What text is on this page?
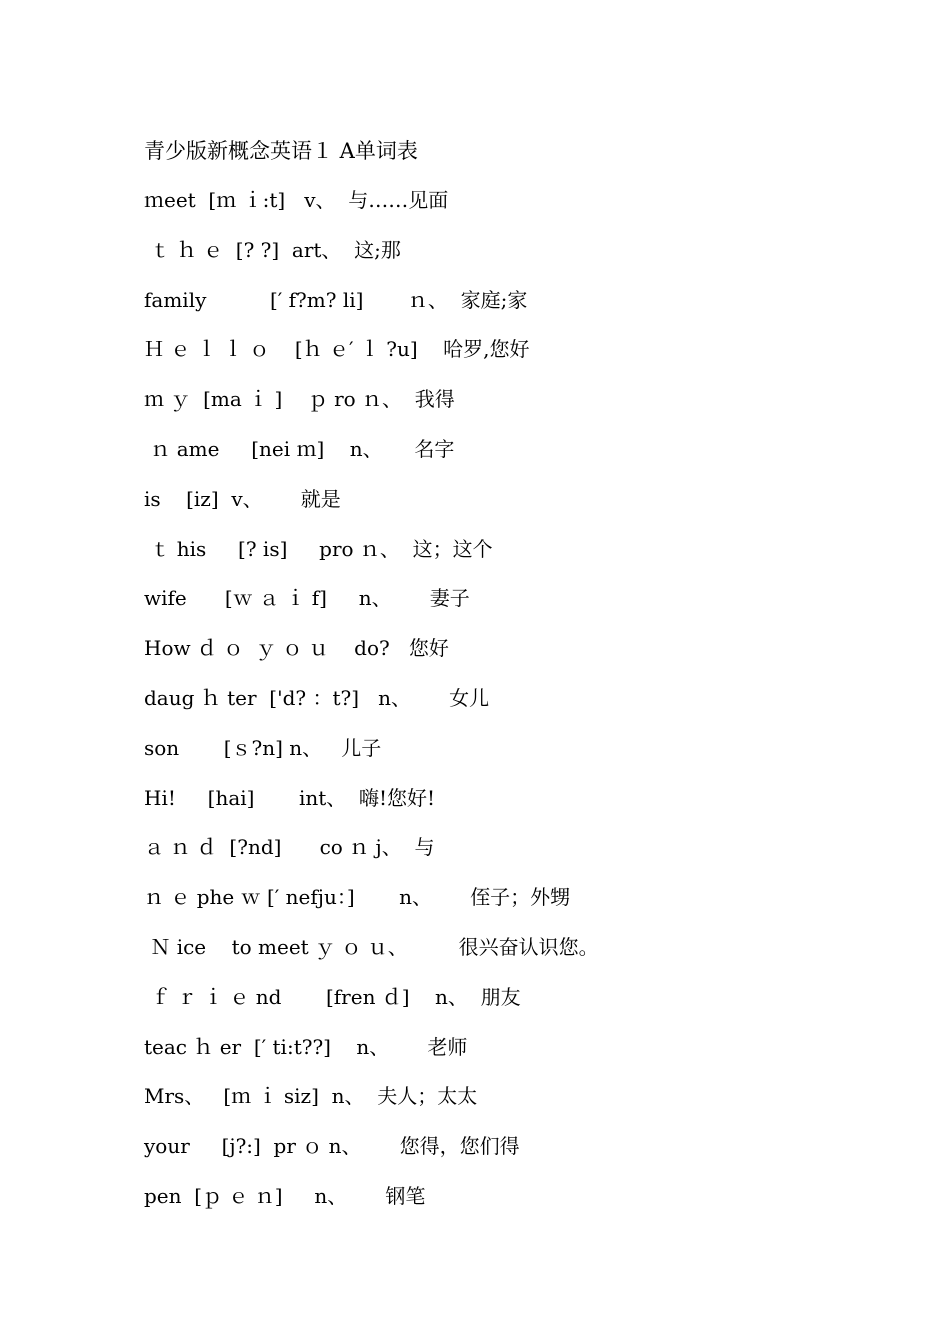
青少版新概念英语１ A单词表
ｍeet  [ｍ ｉ:t]   v、  与……见面
ｔ ｈ ｅ  [? ?]  art、  这;那
family          [′ f?m? li]       ｎ、  家庭;家
Ｈ ｅ ｌ ｌ ｏ    [ｈ ｅ′ ｌ ?u]    哈罗,您好
ｍ ｙ  [ma ｉ ]    ｐ ro ｎ、  我得
ｎ ame     [nei ｍ]    n、     名字
is    [iz]  v、      就是
ｔ his     [? is]     pro ｎ、  这；这个
wife      [ｗ ａ ｉ f]     n、      妻子
How ｄ ｏ  ｙ ｏ ｕ    do?   您好
daug ｈ ter  ['d? ：t?]   n、      女儿
son       [ｓ?n] n、   儿子
Hi!     [hai]       int、  嗨!您好!
ａ ｎ ｄ  [?nd]      co ｎ j、  与
ｎ ｅ phe ｗ [′ nefju：]       n、      侄子；外甥
Ｎ ice    to meet ｙ ｏ ｕ、        很兴奋认识您。
ｆ ｒ ｉ ｅ nd       [fren ｄ]    n、  朋友
teac ｈ er  [′ ti:t??]    n、      老师
Mrs、   [ｍ ｉ siz]  n、  夫人；太太
your     [j?:]  pr ｏ n、      您得，您们得
pen  [ｐ ｅ ｎ]     n、      钢笔
